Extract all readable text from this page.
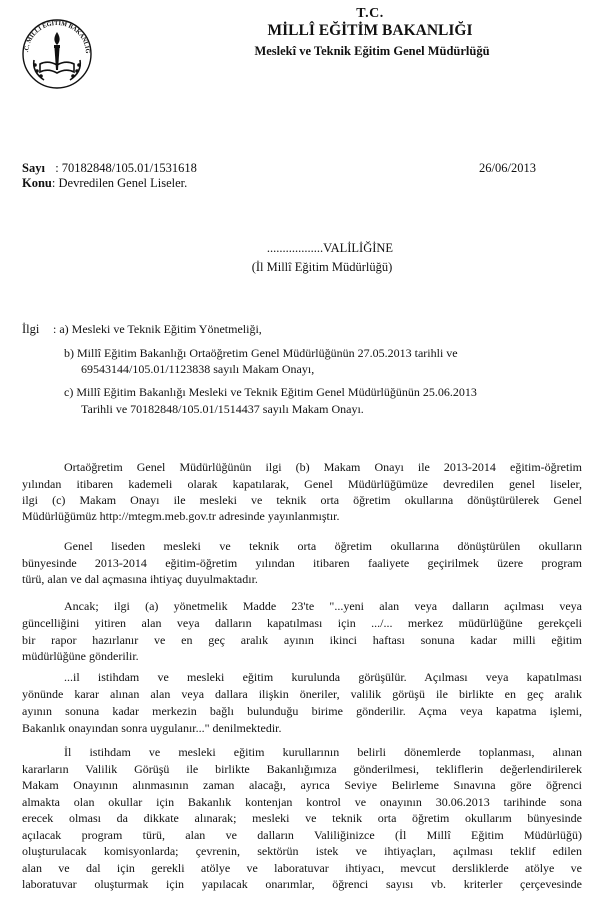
.C. MİLLÎ EĞİTİM BAKANLIĞ
T.C.
MİLLÎ EĞİTİM BAKANLIĞI
Meslekî ve Teknik Eğitim Genel Müdürlüğü
Sayı : 70182848/105.01/1531618	26/06/2013
Konu: Devredilen Genel Liseler.
..................VALİLİĞİNE
(İl Millî Eğitim Müdürlüğü)
İlgi : a) Mesleki ve Teknik Eğitim Yönetmeliği,
b) Millî Eğitim Bakanlığı Ortaöğretim Genel Müdürlüğünün 27.05.2013 tarihli ve
69543144/105.01/1123838 sayılı Makam Onayı,
c) Millî Eğitim Bakanlığı Mesleki ve Teknik Eğitim Genel Müdürlüğünün 25.06.2013
Tarihli ve 70182848/105.01/1514437 sayılı Makam Onayı.
Ortaöğretim Genel Müdürlüğünün ilgi (b) Makam Onayı ile 2013-2014 eğitim-öğretim
yılından itibaren kademeli olarak kapatılarak, Genel Müdürlüğümüze devredilen genel liseler,
ilgi (c) Makam Onayı ile mesleki ve teknik orta öğretim okullarına dönüştürülerek Genel
Müdürlüğümüz http://mtegm.meb.gov.tr adresinde yayınlanmıştır.
Genel liseden mesleki ve teknik orta öğretim okullarına dönüştürülen okulların
bünyesinde 2013-2014 eğitim-öğretim yılından itibaren faaliyete geçirilmek üzere program
türü, alan ve dal açmasına ihtiyaç duyulmaktadır.
Ancak; ilgi (a) yönetmelik Madde 23'te "...yeni alan veya dalların açılması veya
güncelliğini yitiren alan veya dalların kapatılması için .../... merkez müdürlüğüne gerekçeli
bir rapor hazırlanır ve en geç aralık ayının ikinci haftası sonuna kadar milli eğitim
müdürlüğüne gönderilir.
...il istihdam ve mesleki eğitim kurulunda görüşülür. Açılması veya kapatılması
yönünde karar alınan alan veya dallara ilişkin öneriler, valilik görüşü ile birlikte en geç aralık
ayının sonuna kadar merkezin bağlı bulunduğu birime gönderilir. Açma veya kapatma işlemi,
Bakanlık onayından sonra uygulanır..." denilmektedir.
İl istihdam ve mesleki eğitim kurullarının belirli dönemlerde toplanması, alınan
kararların Valilik Görüşü ile birlikte Bakanlığımıza gönderilmesi, tekliflerin değerlendirilerek
Makam Onayının alınmasının zaman alacağı, ayrıca Seviye Belirleme Sınavına göre öğrenci
almakta olan okullar için Bakanlık kontenjan kontrol ve onayının 30.06.2013 tarihinde sona
erecek olması da dikkate alınarak; mesleki ve teknik orta öğretim okullarım bünyesinde
açılacak program türü, alan ve dalların Valiliğinizce (İl Millî Eğitim Müdürlüğü)
oluşturulacak komisyonlarda; çevrenin, sektörün istek ve ihtiyaçları, açılması teklif edilen
alan ve dal için gerekli atölye ve laboratuvar ihtiyacı, mevcut dersliklerde atölye ve
laboratuvar oluşturmak için yapılacak onarımlar, öğrenci sayısı vb. kriterler çerçevesinde
